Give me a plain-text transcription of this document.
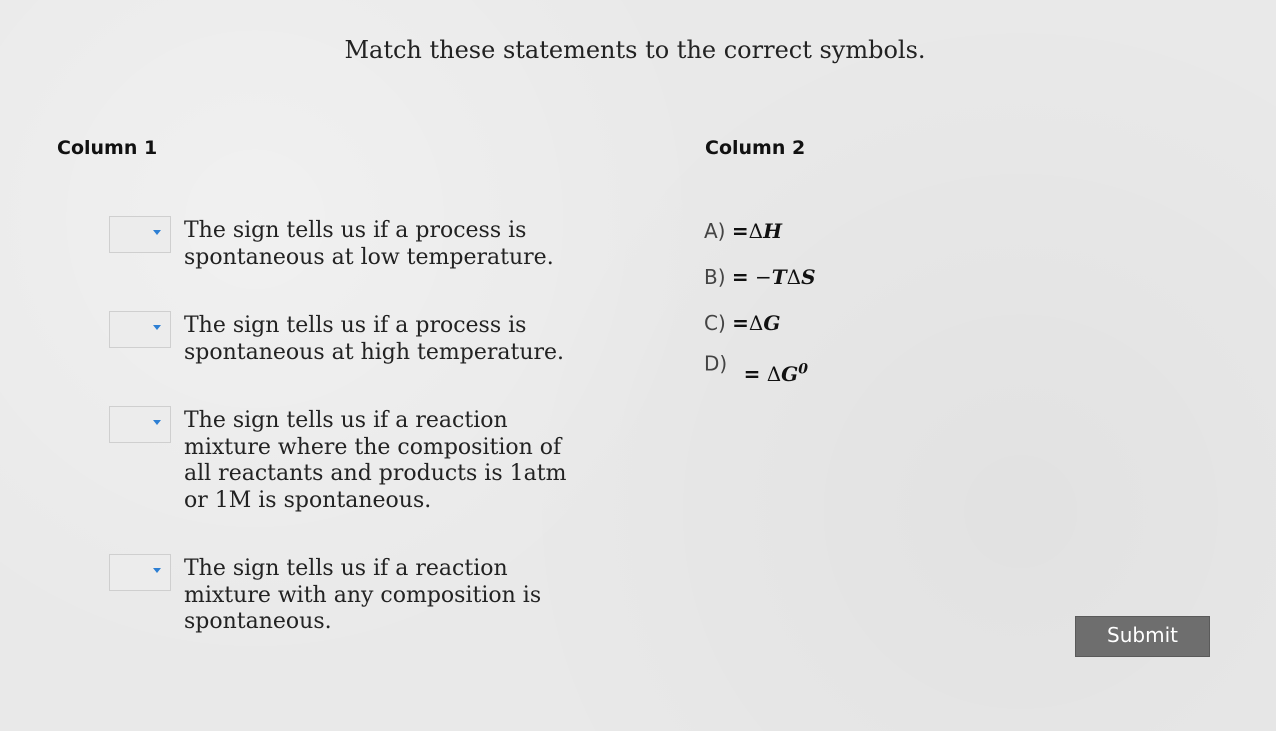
Match these statements to the correct symbols.
Column 1	Column 2
The sign tells us if a process is spontaneous at low temperature.
The sign tells us if a process is spontaneous at high temperature.
The sign tells us if a reaction mixture where the composition of all reactants and products is 1atm or 1M is spontaneous.
The sign tells us if a reaction mixture with any composition is spontaneous.
A) =ΔH
B) = −TΔS
C) =ΔG
$D) = \Delta G^0$
Submit
